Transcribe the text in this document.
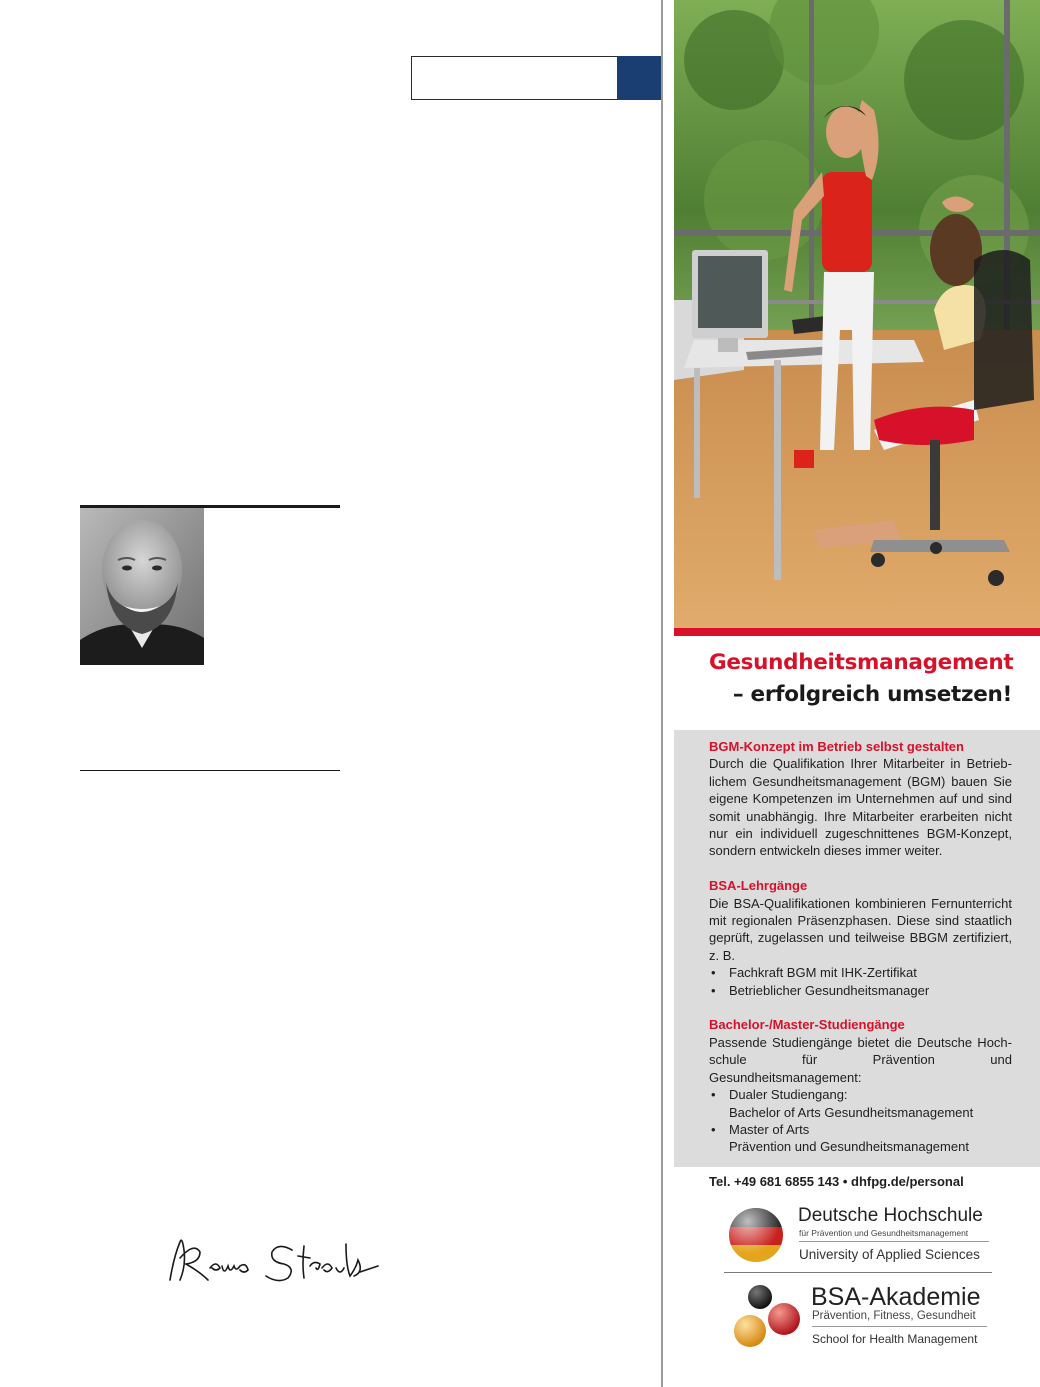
Gesundheitsmanagement
– erfolgreich umsetzen!
BGM-Konzept im Betrieb selbst gestalten
Durch die Qualifikation Ihrer Mitarbeiter in Betrieblichem Gesundheitsmanagement (BGM) bauen Sie eigene Kompetenzen im Unternehmen auf und sind somit unabhängig. Ihre Mitarbeiter erarbeiten nicht nur ein individuell zugeschnittenes BGM-Konzept, sondern entwickeln dieses immer weiter.
BSA-Lehrgänge
Die BSA-Qualifikationen kombinieren Fernunterricht mit regionalen Präsenzphasen. Diese sind staatlich geprüft, zugelassen und teilweise BBGM zertifiziert, z. B.
• Fachkraft BGM mit IHK-Zertifikat
• Betrieblicher Gesundheitsmanager
Bachelor-/Master-Studiengänge
Passende Studiengänge bietet die Deutsche Hochschule für Prävention und Gesundheitsmanagement:
• Dualer Studiengang:
Bachelor of Arts Gesundheitsmanagement
• Master of Arts
Prävention und Gesundheitsmanagement
Tel. +49 681 6855 143 • dhfpg.de/personal
Deutsche Hochschule
für Prävention und Gesundheitsmanagement
University of Applied Sciences
BSA-Akademie
Prävention, Fitness, Gesundheit
School for Health Management
